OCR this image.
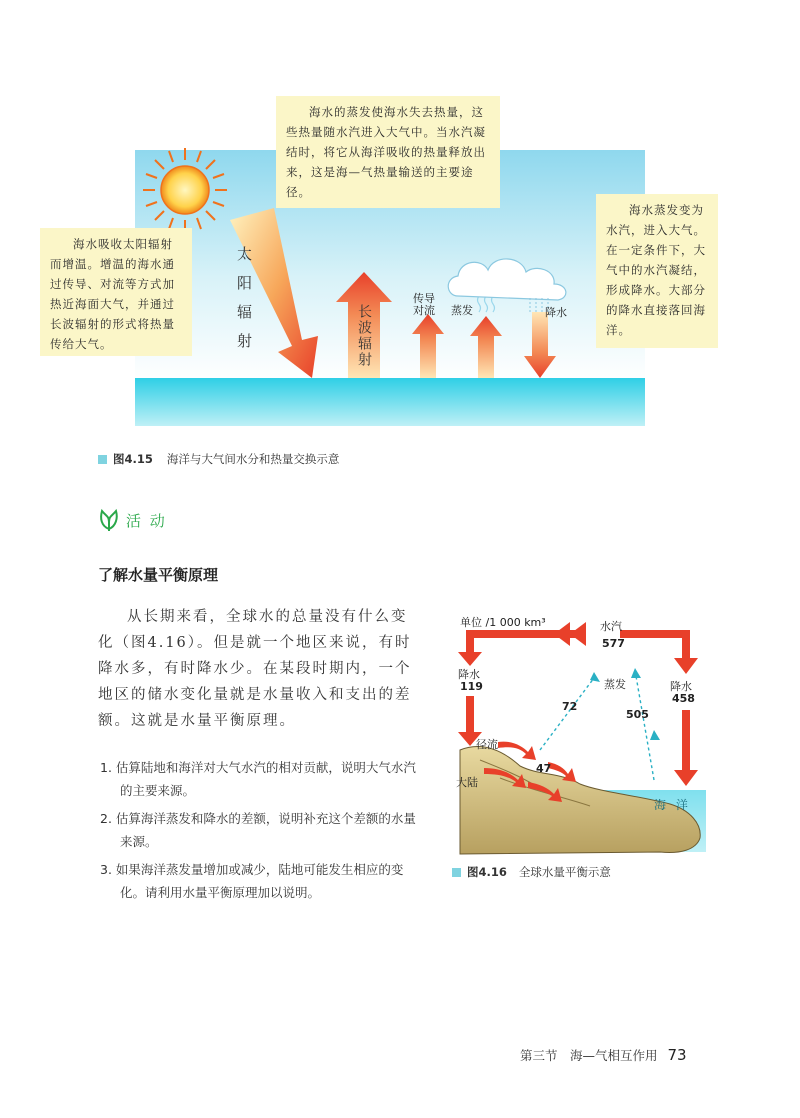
太阳辐射	长波辐射
传导
对流 蒸发	降水
海水的蒸发使海水失去热量，这些热量随水汽进入大气中。当水汽凝结时，将它从海洋吸收的热量释放出来，这是海—气热量输送的主要途径。
海水吸收太阳辐射而增温。增温的海水通过传导、对流等方式加热近海面大气，并通过长波辐射的形式将热量传给大气。
海水蒸发变为水汽，进入大气。在一定条件下，大气中的水汽凝结，形成降水。大部分的降水直接落回海洋。
图4.15 海洋与大气间水分和热量交换示意
活 动
了解水量平衡原理

从长期来看，全球水的总量没有什么变化（图4.16）。但是就一个地区来说，有时降水多，有时降水少。在某段时期内，一个地区的储水变化量就是水量收入和支出的差额。这就是水量平衡原理。

1. 估算陆地和海洋对大气水汽的相对贡献，说明大气水汽的主要来源。
2. 估算海洋蒸发和降水的差额，说明补充这个差额的水量来源。
3. 如果海洋蒸发量增加或减少，陆地可能发生相应的变化。请利用水量平衡原理加以说明。
单位 /1 000 km³	水汽
577
降水
119	降水
458
蒸发
72
505
径流
47
大陆
海 洋
图4.16 全球水量平衡示意
第三节　海—气相互作用 73
